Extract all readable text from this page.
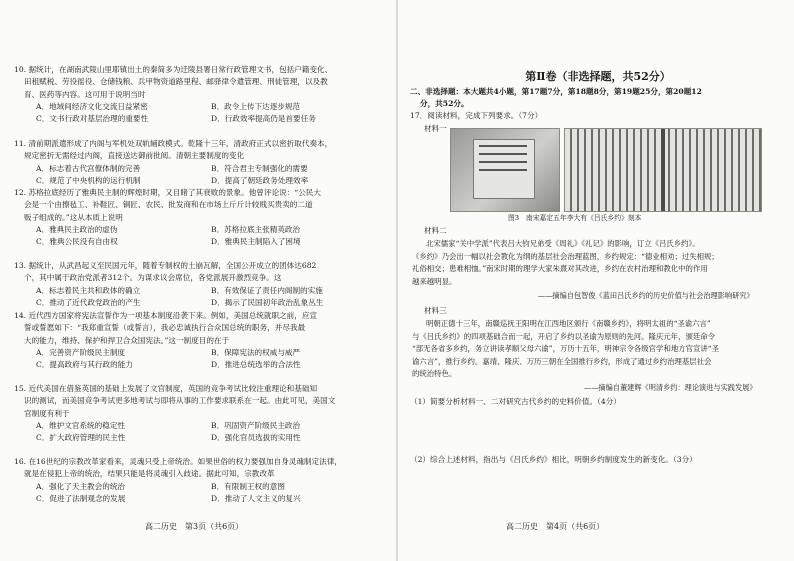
10. 据统计，在湖南武陵山里耶镇出土的秦简多为迁陵县署日常行政管理文书，包括户籍变化、
田租赋税、劳役徭役、仓储钱粮、兵甲物资道路里程、邮驿律令遣管理、刑徒管理，以及教
育、医药等内容。这可用于说明当时
A．地域间经济文化交流日益紧密	B．政令上传下达逐步规范
C．文书行政对基层治理的重要性	D．行政效率提高仍是首要任务
11. 清前期派遣形成了内阁与军机处双轨辅政模式。乾隆十三年，清政府正式以密折取代奏本，
规定密折无需经过内阁，直接送达御前批阅。清朝主要制度的变化
A．标志着古代宫僚体制的完善	B．符合君主专制强化的需要
C．规范了中央机构的运行机制	D．提高了朝廷政务处理效率
12. 苏格拉底经历了雅典民主制的辉煌时期，又目睹了其衰败的景象。他曾评论说：“公民大
会是一个由擦毡工、补鞋匠、铜匠、农民、批发商和在市场上斤斤计较贱买贵卖的二道
贩子组成的。”这从本质上说明
A．雅典民主政治的虚伪	B．苏格拉底主张精英政治
C．雅典公民没有自由权	D．雅典民主制陷入了困境
13. 据统计，从武昌起义至民国元年，随着专制权的土崩瓦解，全国公开成立的团体达682
个，其中属于政治党派者312个。为谋求议会席位，各党派展开激烈竞争。这
A．标志着民主共和政体的确立	B．有效保证了责任内阁制的实施
C．推动了近代政党政治的产生	D．揭示了民国初年政治乱象丛生
14. 近代西方国家将宪法宣誓作为一项基本制度沿袭下来。例如，美国总统就职之前，应宣
誓或誓愿如下：“我郑重宣誓（或誓言），我必忠诚执行合众国总统的职务，并尽我最
大的能力，维持、保护和捍卫合众国宪法。”这一制度目的在于
A．完善资产阶级民主制度	B．保障宪法的权威与威严
C．提高政府与其行政的能力	D．推进总统选举的合法性
15. 近代美国在借鉴英国的基础上发展了文官制度，英国的竞争考试比较注重理论和基础知
识的测试，而美国竞争考试更多地考试与即将从事的工作要求联系在一起。由此可见，美国文
官制度有利于
A．维护文官系统的稳定性	B．巩固资产阶级民主政治
C．扩大政府管理的民主性	D．强化官员选拔的实用性
16. 在16世纪的宗教改革家看来，灵魂只受上帝统治。如果世俗的权力要强加自身灵魂制定法律，
就是在侵犯上帝的统治，结果只能是将灵魂引入歧途。据此可知，宗教改革
A．强化了天主教会的统治	B．有限制王权的意图
C．促进了法制观念的发展	D．推动了人文主义的复兴
高二历史　第3页（共6页）
第Ⅱ卷（非选择题，共52分）
二、非选择题：本大题共4小题，第17题7分，第18题8分，第19题25分，第20题12
分，共52分。
17．阅读材料，完成下列要求。（7分）
材料一
图3　南宋嘉定五年李大有《吕氏乡约》刻本
材料二
北宋儒家“关中学派”代表吕大钧兄弟受《周礼》《礼记》的影响，订立《吕氏乡约》。
《乡约》乃会出一幅以社会教化为纲的基层社会治理蓝图，乡约规定：“德业相劝；过失相规；
礼俗相交；患难相恤。”南宋时期的理学大家朱熹对其改进，乡约在农村治理和教化中的作用
越来越明显。
——摘编自包智俊《蓝田吕氏乡约的历史价值与社会治理影响研究》
材料三
明朝正德十三年，南赣巡抚王阳明在江西地区颁行《南赣乡约》，将明太祖的“圣谕六言”
与《吕氏乡约》的四项基础合而一起，开启了乡约以圣谕为原则的先河。隆庆元年，颁廷命令
“部无各省多乡约，务立讲读孝顺父母六谕”，万历十五年，明神宗令各级官学和地方官宣讲“圣
谕六言”，推行乡约。嘉靖、隆庆、万历三朝在全国推行乡约，形成了通过乡约治理基层社会
的统治特色。
——摘编自董建辉《明清乡约：理论演进与实践发展》
（1）简要分析材料一、二对研究古代乡约的史料价值。（4分）
（2）综合上述材料，指出与《吕氏乡约》相比，明朝乡约制度发生的新变化。（3分）
高二历史　第4页（共6页）
